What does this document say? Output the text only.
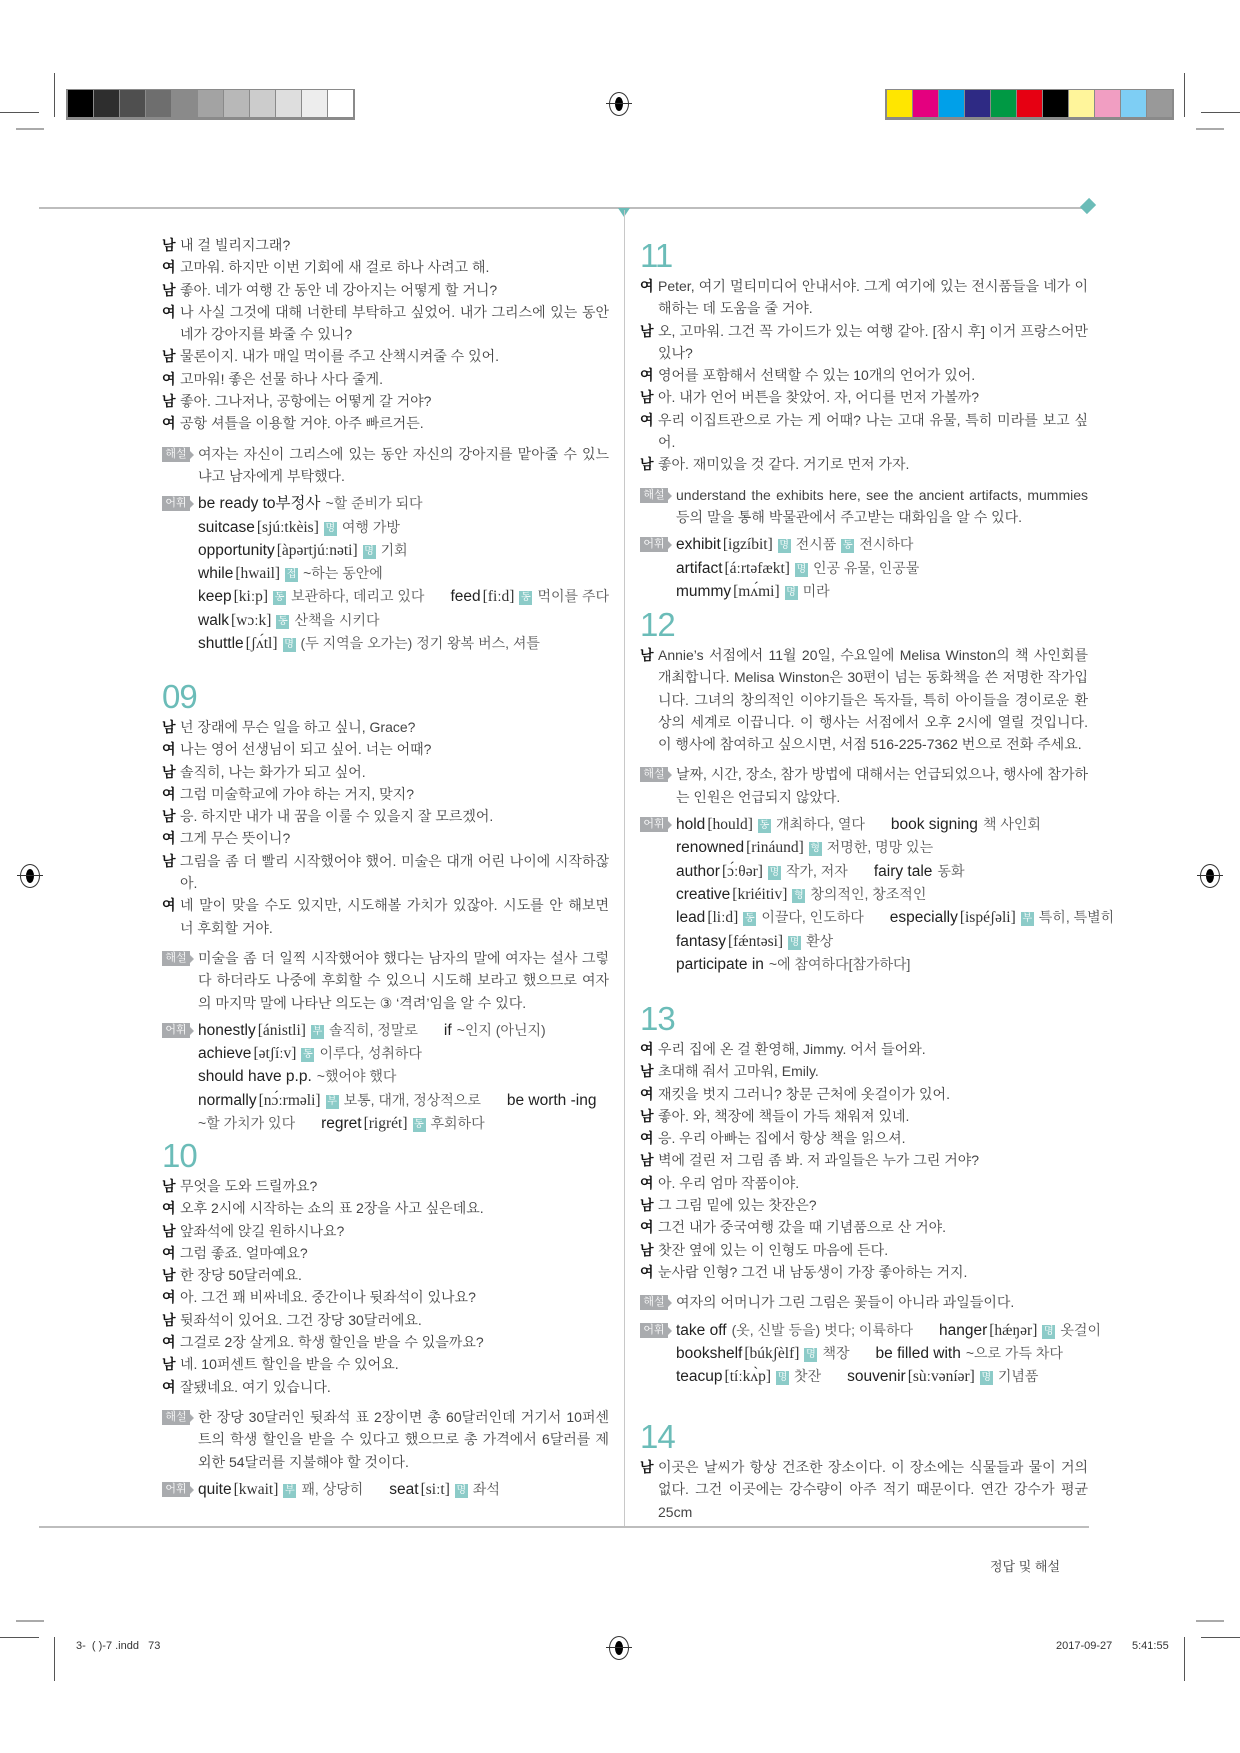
남 내 걸 빌리지그래?
여 고마워. 하지만 이번 기회에 새 걸로 하나 사려고 해.
남 좋아. 네가 여행 간 동안 네 강아지는 어떻게 할 거니?
여 나 사실 그것에 대해 너한테 부탁하고 싶었어. 내가 그리스에 있는 동안 네가 강아지를 봐줄 수 있니?
남 물론이지. 내가 매일 먹이를 주고 산책시켜줄 수 있어.
여 고마워! 좋은 선물 하나 사다 줄게.
남 좋아. 그나저나, 공항에는 어떻게 갈 거야?
여 공항 셔틀을 이용할 거야. 아주 빠르거든.
해설 여자는 자신이 그리스에 있는 동안 자신의 강아지를 맡아줄 수 있느냐고 남자에게 부탁했다.
어휘 be ready to부정사 ~할 준비가 되다
suitcase [sjúːtkèis] 명 여행 가방
opportunity [àpərtjúːnəti] 명 기회
while [hwail] 접 ~하는 동안에
keep [kiːp] 동 보관하다, 데리고 있다 feed [fiːd] 동 먹이를 주다
walk [wɔːk] 동 산책을 시키다
shuttle [ʃʌ́tl] 명 (두 지역을 오가는) 정기 왕복 버스, 셔틀
09
남 넌 장래에 무슨 일을 하고 싶니, Grace?
여 나는 영어 선생님이 되고 싶어. 너는 어때?
남 솔직히, 나는 화가가 되고 싶어.
여 그럼 미술학교에 가야 하는 거지, 맞지?
남 응. 하지만 내가 내 꿈을 이룰 수 있을지 잘 모르겠어.
여 그게 무슨 뜻이니?
남 그림을 좀 더 빨리 시작했어야 했어. 미술은 대개 어린 나이에 시작하잖아.
여 네 말이 맞을 수도 있지만, 시도해볼 가치가 있잖아. 시도를 안 해보면 너 후회할 거야.
해설 미술을 좀 더 일찍 시작했어야 했다는 남자의 말에 여자는 설사 그렇다 하더라도 나중에 후회할 수 있으니 시도해 보라고 했으므로 여자의 마지막 말에 나타난 의도는 ③ ‘격려’임을 알 수 있다.
어휘 honestly [ánistli] 부 솔직히, 정말로 if ~인지 (아닌지)
achieve [ətʃíːv] 동 이루다, 성취하다
should have p.p. ~했어야 했다
normally [nɔ́ːrməli] 부 보통, 대개, 정상적으로 be worth -ing
~할 가치가 있다 regret [rigrét] 동 후회하다
10
남 무엇을 도와 드릴까요?
여 오후 2시에 시작하는 쇼의 표 2장을 사고 싶은데요.
남 앞좌석에 앉길 원하시나요?
여 그럼 좋죠. 얼마예요?
남 한 장당 50달러예요.
여 아. 그건 꽤 비싸네요. 중간이나 뒷좌석이 있나요?
남 뒷좌석이 있어요. 그건 장당 30달러에요.
여 그걸로 2장 살게요. 학생 할인을 받을 수 있을까요?
남 네. 10퍼센트 할인을 받을 수 있어요.
여 잘됐네요. 여기 있습니다.
해설 한 장당 30달러인 뒷좌석 표 2장이면 총 60달러인데 거기서 10퍼센트의 학생 할인을 받을 수 있다고 했으므로 총 가격에서 6달러를 제외한 54달러를 지불해야 할 것이다.
어휘 quite [kwait] 부 꽤, 상당히 seat [siːt] 명 좌석
11
여 Peter, 여기 멀티미디어 안내서야. 그게 여기에 있는 전시품들을 네가 이해하는 데 도움을 줄 거야.
남 오, 고마워. 그건 꼭 가이드가 있는 여행 같아. [잠시 후] 이거 프랑스어만 있나?
여 영어를 포함해서 선택할 수 있는 10개의 언어가 있어.
남 아. 내가 언어 버튼을 찾았어. 자, 어디를 먼저 가볼까?
여 우리 이집트관으로 가는 게 어때? 나는 고대 유물, 특히 미라를 보고 싶어.
남 좋아. 재미있을 것 같다. 거기로 먼저 가자.
해설 understand the exhibits here, see the ancient artifacts, mummies 등의 말을 통해 박물관에서 주고받는 대화임을 알 수 있다.
어휘 exhibit [igzíbit] 명 전시품 동 전시하다
artifact [áːrtəfækt] 명 인공 유물, 인공물
mummy [mʌ́mi] 명 미라
12
남 Annie’s 서점에서 11월 20일, 수요일에 Melisa Winston의 책 사인회를 개최합니다. Melisa Winston은 30편이 넘는 동화책을 쓴 저명한 작가입니다. 그녀의 창의적인 이야기들은 독자들, 특히 아이들을 경이로운 환상의 세계로 이끕니다. 이 행사는 서점에서 오후 2시에 열릴 것입니다. 이 행사에 참여하고 싶으시면, 서점 516-225-7362 번으로 전화 주세요.
해설 날짜, 시간, 장소, 참가 방법에 대해서는 언급되었으나, 행사에 참가하는 인원은 언급되지 않았다.
어휘 hold [hould] 동 개최하다, 열다 book signing 책 사인회
renowned [rináund] 형 저명한, 명망 있는
author [ɔ́ːθər] 명 작가, 저자 fairy tale 동화
creative [kriéitiv] 형 창의적인, 창조적인
lead [liːd] 동 이끌다, 인도하다 especially [ispéʃəli] 부 특히, 특별히
fantasy [fǽntəsi] 명 환상
participate in ~에 참여하다[참가하다]
13
여 우리 집에 온 걸 환영해, Jimmy. 어서 들어와.
남 초대해 줘서 고마워, Emily.
여 재킷을 벗지 그러니? 창문 근처에 옷걸이가 있어.
남 좋아. 와, 책장에 책들이 가득 채워져 있네.
여 응. 우리 아빠는 집에서 항상 책을 읽으셔.
남 벽에 걸린 저 그림 좀 봐. 저 과일들은 누가 그린 거야?
여 아. 우리 엄마 작품이야.
남 그 그림 밑에 있는 찻잔은?
여 그건 내가 중국여행 갔을 때 기념품으로 산 거야.
남 찻잔 옆에 있는 이 인형도 마음에 든다.
여 눈사람 인형? 그건 내 남동생이 가장 좋아하는 거지.
해설 여자의 어머니가 그린 그림은 꽃들이 아니라 과일들이다.
어휘 take off (옷, 신발 등을) 벗다; 이륙하다 hanger [hǽŋər] 명 옷걸이
bookshelf [búkʃèlf] 명 책장 be filled with ~으로 가득 차다
teacup [tíːkʌ̀p] 명 찻잔 souvenir [sùːvəníər] 명 기념품
14
남 이곳은 날씨가 항상 건조한 장소이다. 이 장소에는 식물들과 물이 거의 없다. 그건 이곳에는 강수량이 아주 적기 때문이다. 연간 강수가 평균 25cm
정답 및 해설
3-  ( )-7 .indd   73	2017-09-27 5:41:55
